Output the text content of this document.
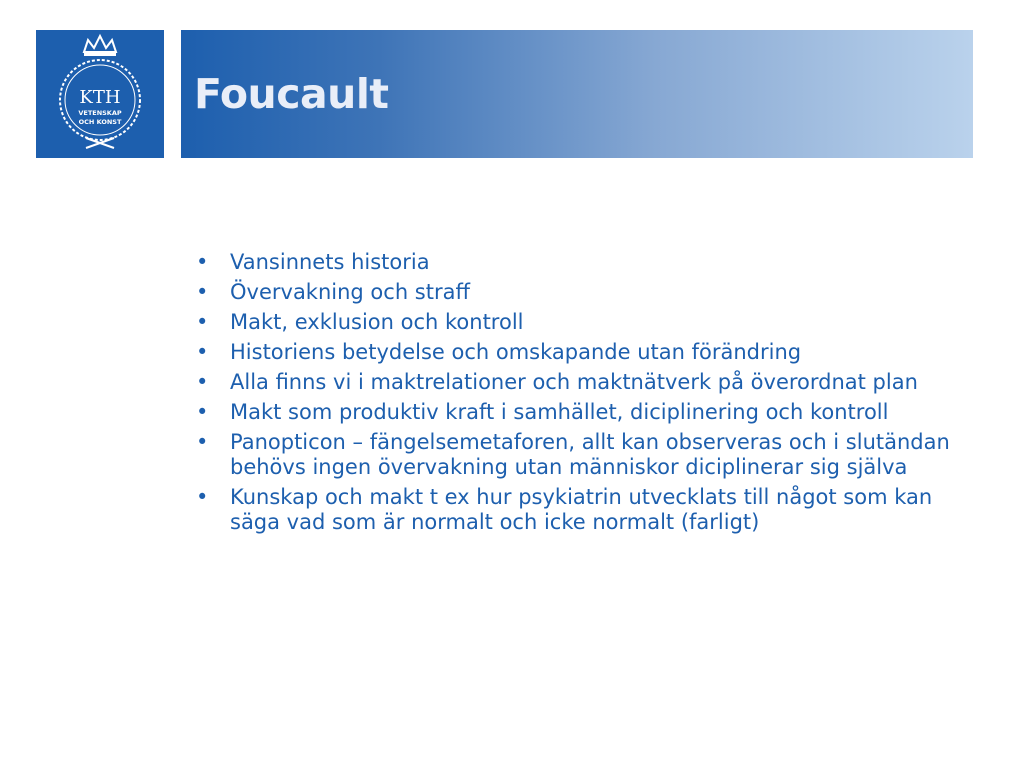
KTH
VETENSKAP
OCH KONST
Foucault
• Vansinnets historia
• Övervakning och straff
• Makt, exklusion och kontroll
• Historiens betydelse och omskapande utan förändring
• Alla finns vi i maktrelationer och maktnätverk på överordnat plan
• Makt som produktiv kraft i samhället, diciplinering och kontroll
• Panopticon – fängelsemetaforen, allt kan observeras och i slutändan behövs ingen övervakning utan människor diciplinerar sig själva
• Kunskap och makt t ex hur psykiatrin utvecklats till något som kan säga vad som är normalt och icke normalt (farligt)
